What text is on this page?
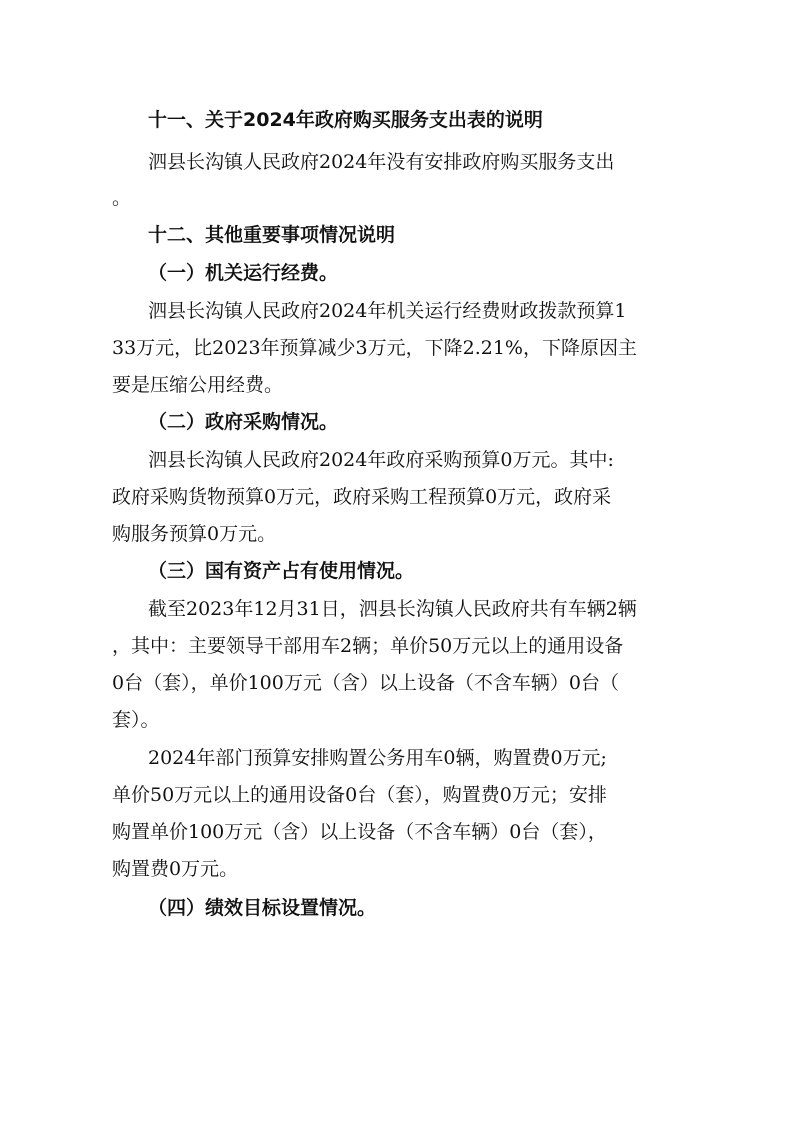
十一、关于2024年政府购买服务支出表的说明

泗县长沟镇人民政府2024年没有安排政府购买服务支出

。

十二、其他重要事项情况说明

（一）机关运行经费。

泗县长沟镇人民政府2024年机关运行经费财政拨款预算1

33万元，比2023年预算减少3万元，下降2.21%，下降原因主

要是压缩公用经费。

（二）政府采购情况。

泗县长沟镇人民政府2024年政府采购预算0万元。其中:

政府采购货物预算0万元，政府采购工程预算0万元，政府采

购服务预算0万元。

（三）国有资产占有使用情况。

截至2023年12月31日，泗县长沟镇人民政府共有车辆2辆

，其中：主要领导干部用车2辆；单价50万元以上的通用设备

0台（套），单价100万元（含）以上设备（不含车辆）0台（

套）。

2024年部门预算安排购置公务用车0辆，购置费0万元;

单价50万元以上的通用设备0台（套），购置费0万元；安排

购置单价100万元（含）以上设备（不含车辆）0台（套），

购置费0万元。

（四）绩效目标设置情况。
